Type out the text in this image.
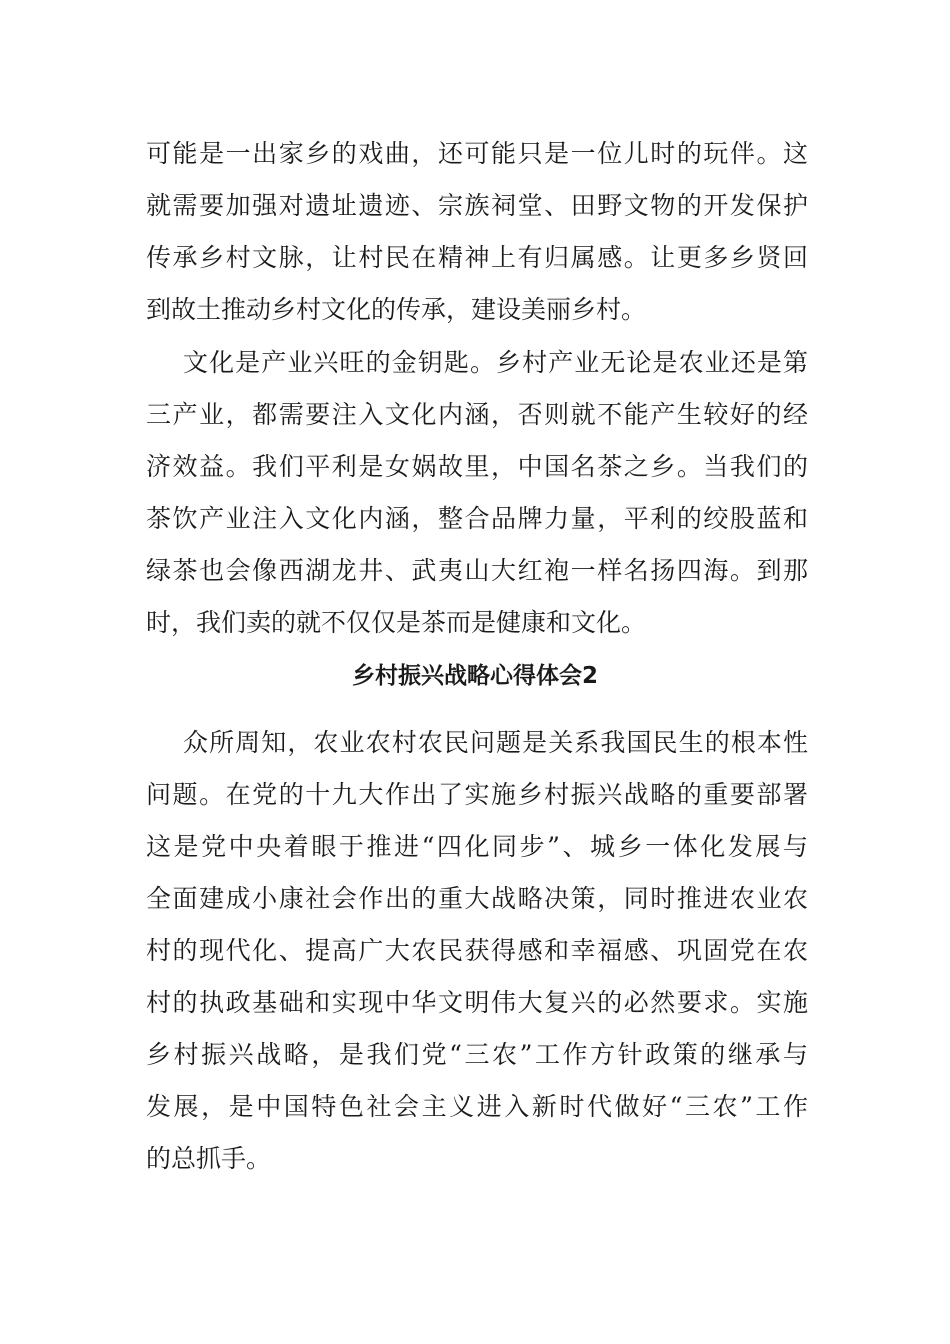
可能是一出家乡的戏曲，还可能只是一位儿时的玩伴。这
就需要加强对遗址遗迹、宗族祠堂、田野文物的开发保护
传承乡村文脉，让村民在精神上有归属感。让更多乡贤回
到故土推动乡村文化的传承，建设美丽乡村。
文化是产业兴旺的金钥匙。乡村产业无论是农业还是第
三产业，都需要注入文化内涵，否则就不能产生较好的经
济效益。我们平利是女娲故里，中国名茶之乡。当我们的
茶饮产业注入文化内涵，整合品牌力量，平利的绞股蓝和
绿茶也会像西湖龙井、武夷山大红袍一样名扬四海。到那
时，我们卖的就不仅仅是茶而是健康和文化。
乡村振兴战略心得体会2
众所周知，农业农村农民问题是关系我国民生的根本性
问题。在党的十九大作出了实施乡村振兴战略的重要部署
这是党中央着眼于推进“四化同步”、城乡一体化发展与
全面建成小康社会作出的重大战略决策，同时推进农业农
村的现代化、提高广大农民获得感和幸福感、巩固党在农
村的执政基础和实现中华文明伟大复兴的必然要求。实施
乡村振兴战略，是我们党“三农”工作方针政策的继承与
发展，是中国特色社会主义进入新时代做好“三农”工作
的总抓手。
